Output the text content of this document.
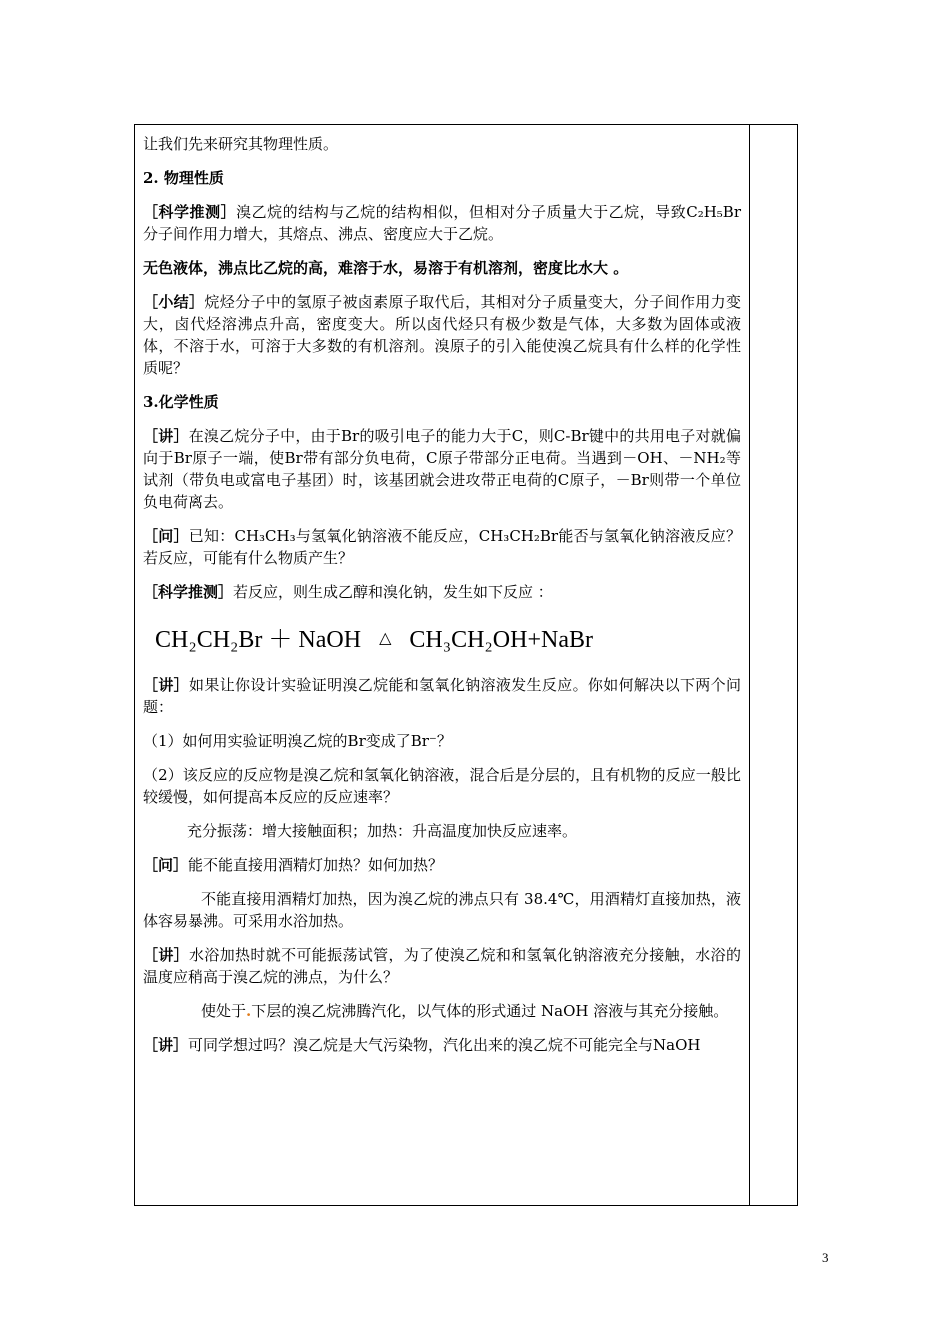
让我们先来研究其物理性质。

2. 物理性质

［科学推测］溴乙烷的结构与乙烷的结构相似，但相对分子质量大于乙烷，导致C₂H₅Br 分子间作用力增大，其熔点、沸点、密度应大于乙烷。

无色液体，沸点比乙烷的高，难溶于水，易溶于有机溶剂，密度比水大 。

［小结］烷烃分子中的氢原子被卤素原子取代后，其相对分子质量变大，分子间作用力变大，卤代烃溶沸点升高，密度变大。所以卤代烃只有极少数是气体，大多数为固体或液体，不溶于水，可溶于大多数的有机溶剂。溴原子的引入能使溴乙烷具有什么样的化学性质呢？

3.化学性质

［讲］在溴乙烷分子中，由于Br的吸引电子的能力大于C，则C-Br键中的共用电子对就偏向于Br原子一端，使Br带有部分负电荷，C原子带部分正电荷。当遇到－OH、－NH₂等试剂（带负电或富电子基团）时，该基团就会进攻带正电荷的C原子，－Br则带一个单位负电荷离去。

［问］已知：CH₃CH₃与氢氧化钠溶液不能反应，CH₃CH₂Br能否与氢氧化钠溶液反应？若反应，可能有什么物质产生？

［科学推测］若反应，则生成乙醇和溴化钠，发生如下反应 ：

CH₂CH₂Br ＋ NaOH △ CH₃CH₂OH+NaBr

［讲］如果让你设计实验证明溴乙烷能和氢氧化钠溶液发生反应。你如何解决以下两个问题：

（1）如何用实验证明溴乙烷的Br变成了Br⁻？

（2）该反应的反应物是溴乙烷和氢氧化钠溶液，混合后是分层的，且有机物的反应一般比较缓慢，如何提高本反应的反应速率？

充分振荡：增大接触面积；加热：升高温度加快反应速率。

［问］能不能直接用酒精灯加热？如何加热？

不能直接用酒精灯加热，因为溴乙烷的沸点只有 38.4℃，用酒精灯直接加热，液体容易暴沸。可采用水浴加热。

［讲］水浴加热时就不可能振荡试管，为了使溴乙烷和和氢氧化钠溶液充分接触，水浴的温度应稍高于溴乙烷的沸点，为什么？

使处于.下层的溴乙烷沸腾汽化，以气体的形式通过 NaOH 溶液与其充分接触。

［讲］可同学想过吗？溴乙烷是大气污染物，汽化出来的溴乙烷不可能完全与NaOH

3
